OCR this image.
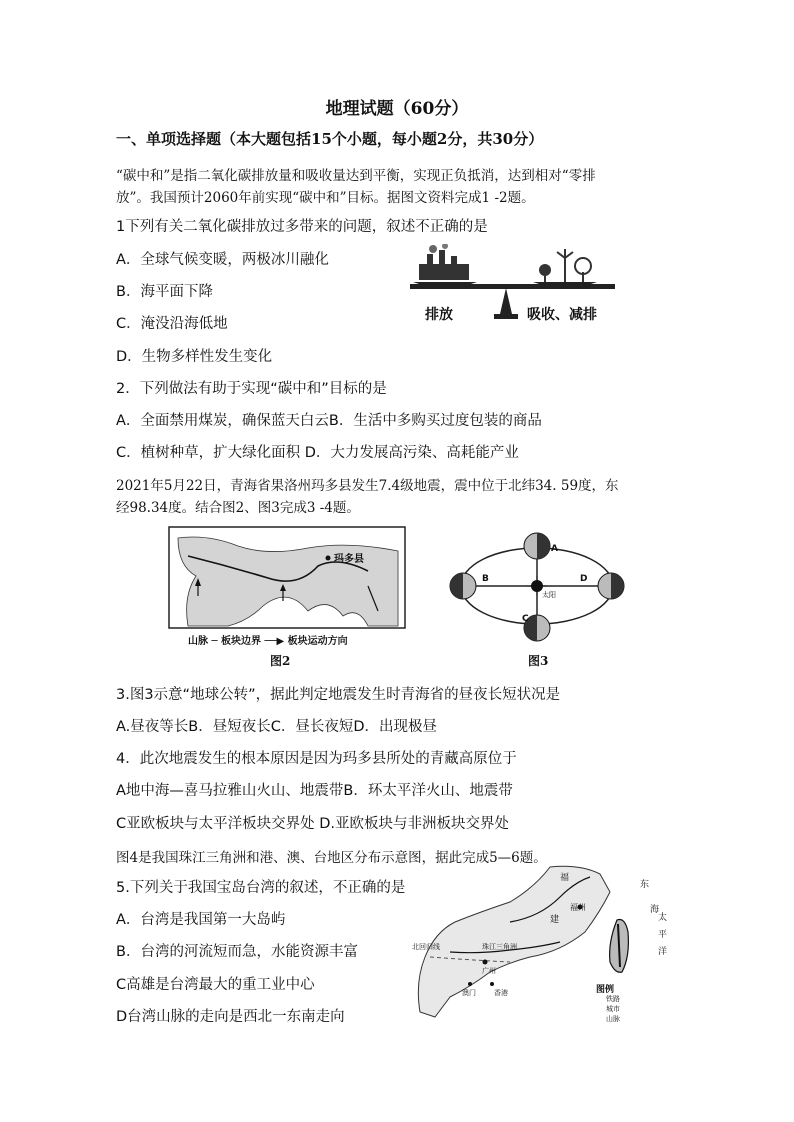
地理试题（60分）
一、单项选择题（本大题包括15个小题，每小题2分，共30分）
“碳中和”是指二氧化碳排放量和吸收量达到平衡，实现正负抵消，达到相对“零排
放”。我国预计2060年前实现“碳中和”目标。据图文资料完成1 -2题。
1下列有关二氧化碳排放过多带来的问题，叙述不正确的是
A．全球气候变暖，两极冰川融化
B．海平面下降
C．淹没沿海低地
D．生物多样性发生变化
排放	吸收、减排
2．下列做法有助于实现“碳中和”目标的是
A．全面禁用煤炭，确保蓝天白云B．生活中多购买过度包装的商品
C．植树种草，扩大绿化面积 D．大力发展高污染、高耗能产业
2021年5月22日，青海省果洛州玛多县发生7.4级地震，震中位于北纬34. 59度，东
经98.34度。结合图2、图3完成3 -4题。
玛多县
山脉 ─ 板块边界 ──▶ 板块运动方向
图2
A
B
C
D
太阳
图3
3.图3示意“地球公转”，据此判定地震发生时青海省的昼夜长短状况是
A.昼夜等长B．昼短夜长C．昼长夜短D．出现极昼
4．此次地震发生的根本原因是因为玛多县所处的青藏高原位于
A地中海—喜马拉雅山火山、地震带B．环太平洋火山、地震带
C亚欧板块与太平洋板块交界处 D.亚欧板块与非洲板块交界处
图4是我国珠江三角洲和港、澳、台地区分布示意图，据此完成5—6题。
5.下列关于我国宝岛台湾的叙述，不正确的是
A．台湾是我国第一大岛屿
B．台湾的河流短而急，水能资源丰富
C高雄是台湾最大的重工业中心
D台湾山脉的走向是西北一东南走向
福
建
福州
东
海
太
平
洋
北回归线
广州
澳门	香港
珠江三角洲
图例
铁路
城市
山脉
